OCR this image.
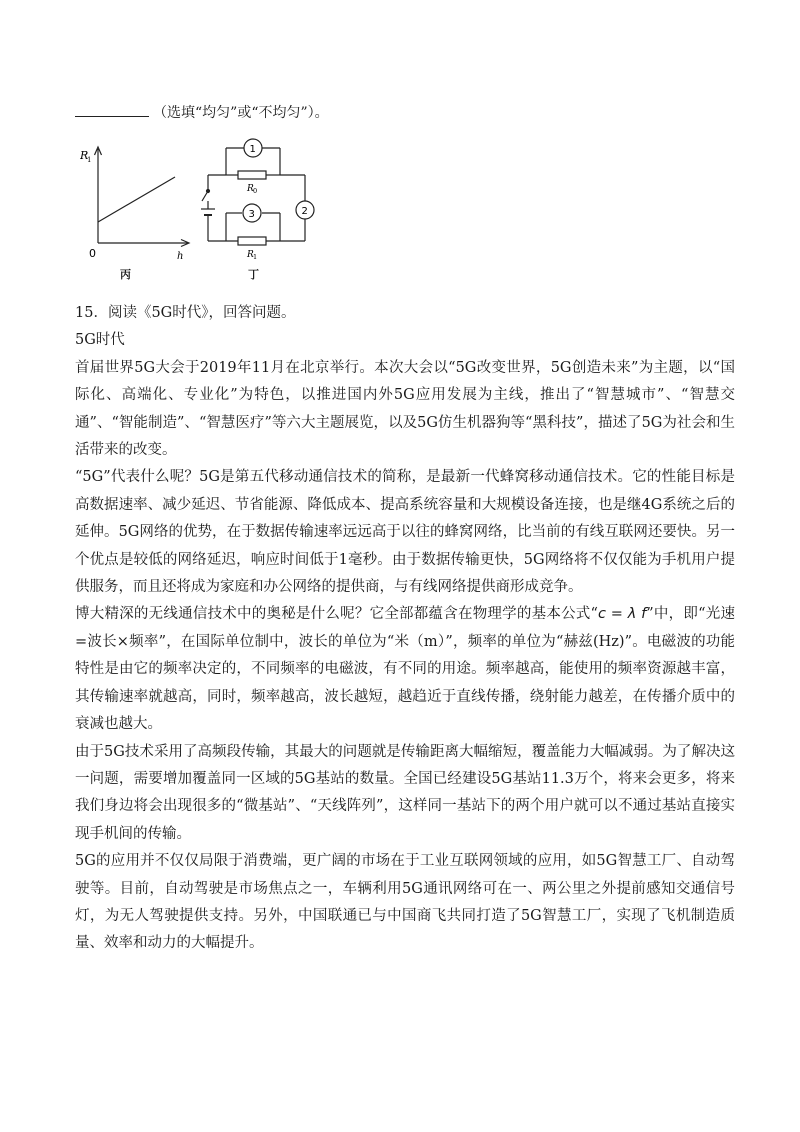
（选填“均匀”或“不均匀”）。
R
1
0	h
丙
1
2
3
R 0
R 1
丁

15．阅读《5G时代》，回答问题。

5G时代

首届世界5G大会于2019年11月在北京举行。本次大会以“5G改变世界，5G创造未来”为主题，以“国际化、高端化、专业化”为特色，以推进国内外5G应用发展为主线，推出了“智慧城市”、“智慧交通”、“智能制造”、“智慧医疗”等六大主题展览，以及5G仿生机器狗等“黑科技”，描述了5G为社会和生活带来的改变。

“5G”代表什么呢？5G是第五代移动通信技术的简称，是最新一代蜂窝移动通信技术。它的性能目标是高数据速率、减少延迟、节省能源、降低成本、提高系统容量和大规模设备连接，也是继4G系统之后的延伸。5G网络的优势，在于数据传输速率远远高于以往的蜂窝网络，比当前的有线互联网还要快。另一个优点是较低的网络延迟，响应时间低于1毫秒。由于数据传输更快，5G网络将不仅仅能为手机用户提供服务，而且还将成为家庭和办公网络的提供商，与有线网络提供商形成竞争。

博大精深的无线通信技术中的奥秘是什么呢？它全部都蕴含在物理学的基本公式“c = λ f”中，即“光速=波长×频率”，在国际单位制中，波长的单位为“米（m）”，频率的单位为“赫兹(Hz)”。电磁波的功能特性是由它的频率决定的，不同频率的电磁波，有不同的用途。频率越高，能使用的频率资源越丰富，其传输速率就越高，同时，频率越高，波长越短，越趋近于直线传播，绕射能力越差，在传播介质中的衰减也越大。

由于5G技术采用了高频段传输，其最大的问题就是传输距离大幅缩短，覆盖能力大幅减弱。为了解决这一问题，需要增加覆盖同一区域的5G基站的数量。全国已经建设5G基站11.3万个，将来会更多，将来我们身边将会出现很多的“微基站”、“天线阵列”，这样同一基站下的两个用户就可以不通过基站直接实现手机间的传输。

5G的应用并不仅仅局限于消费端，更广阔的市场在于工业互联网领域的应用，如5G智慧工厂、自动驾驶等。目前，自动驾驶是市场焦点之一，车辆利用5G通讯网络可在一、两公里之外提前感知交通信号灯，为无人驾驶提供支持。另外，中国联通已与中国商飞共同打造了5G智慧工厂，实现了飞机制造质量、效率和动力的大幅提升。
